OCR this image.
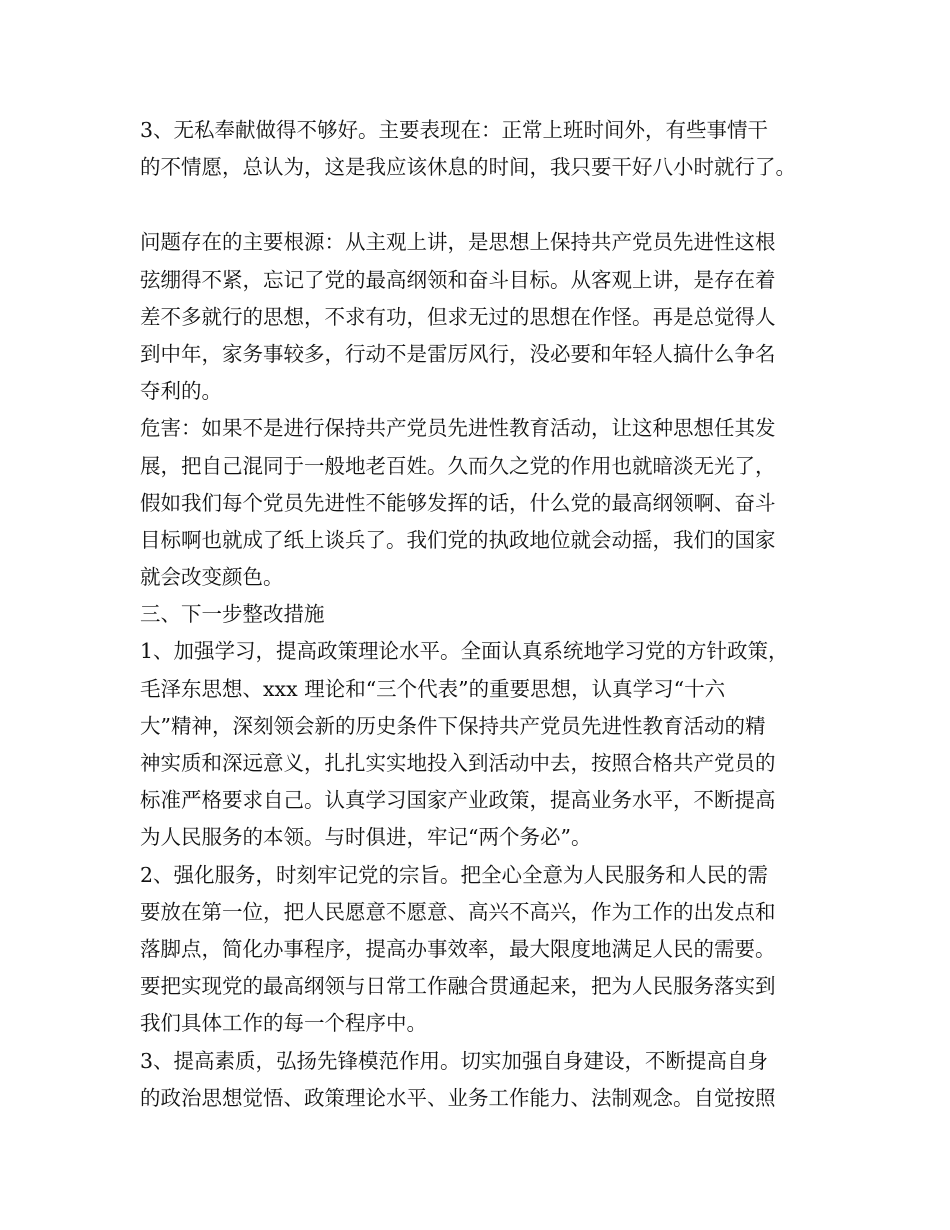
3、无私奉献做得不够好。主要表现在：正常上班时间外，有些事情干
的不情愿，总认为，这是我应该休息的时间，我只要干好八小时就行了。
问题存在的主要根源：从主观上讲，是思想上保持共产党员先进性这根
弦绷得不紧，忘记了党的最高纲领和奋斗目标。从客观上讲，是存在着
差不多就行的思想，不求有功，但求无过的思想在作怪。再是总觉得人
到中年，家务事较多，行动不是雷厉风行，没必要和年轻人搞什么争名
夺利的。
危害：如果不是进行保持共产党员先进性教育活动，让这种思想任其发
展，把自己混同于一般地老百姓。久而久之党的作用也就暗淡无光了，
假如我们每个党员先进性不能够发挥的话，什么党的最高纲领啊、奋斗
目标啊也就成了纸上谈兵了。我们党的执政地位就会动摇，我们的国家
就会改变颜色。
三、下一步整改措施
1、加强学习，提高政策理论水平。全面认真系统地学习党的方针政策，
毛泽东思想、xxx 理论和“三个代表”的重要思想，认真学习“十六
大”精神，深刻领会新的历史条件下保持共产党员先进性教育活动的精
神实质和深远意义，扎扎实实地投入到活动中去，按照合格共产党员的
标准严格要求自己。认真学习国家产业政策，提高业务水平，不断提高
为人民服务的本领。与时俱进，牢记“两个务必”。
2、强化服务，时刻牢记党的宗旨。把全心全意为人民服务和人民的需
要放在第一位，把人民愿意不愿意、高兴不高兴，作为工作的出发点和
落脚点，简化办事程序，提高办事效率，最大限度地满足人民的需要。
要把实现党的最高纲领与日常工作融合贯通起来，把为人民服务落实到
我们具体工作的每一个程序中。
3、提高素质，弘扬先锋模范作用。切实加强自身建设，不断提高自身
的政治思想觉悟、政策理论水平、业务工作能力、法制观念。自觉按照
